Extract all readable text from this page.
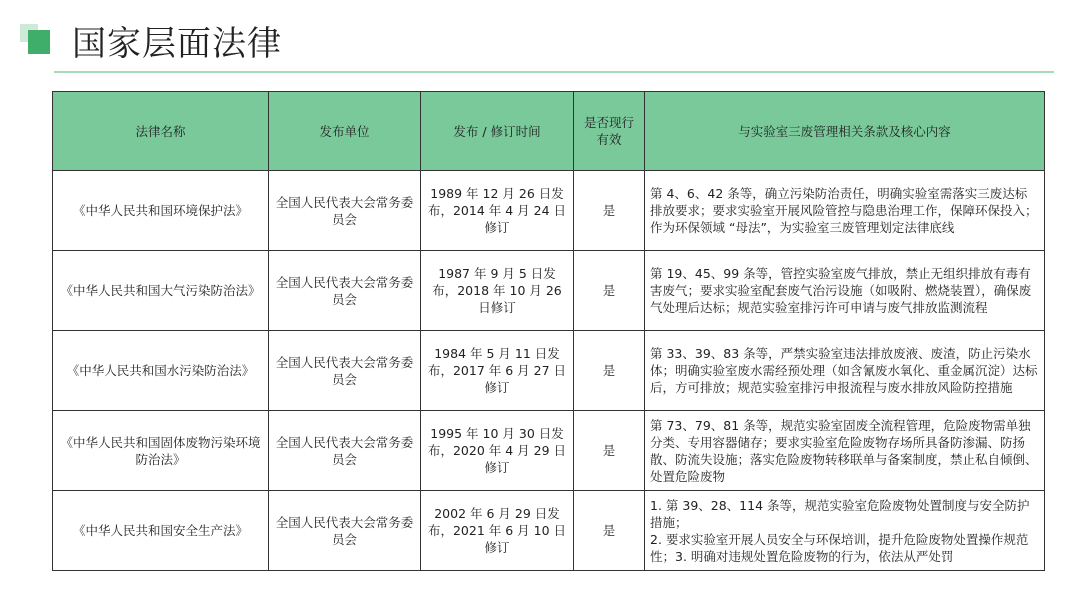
国家层面法律
法律名称	发布单位	发布 / 修订时间	是否现行有效	与实验室三废管理相关条款及核心内容
《中华人民共和国环境保护法》	全国人民代表大会常务委员会	1989 年 12 月 26 日发布，2014 年 4 月 24 日修订	是	第 4、6、42 条等，确立污染防治责任，明确实验室需落实三废达标排放要求；要求实验室开展风险管控与隐患治理工作，保障环保投入； 作为环保领域 “母法”，为实验室三废管理划定法律底线
《中华人民共和国大气污染防治法》	全国人民代表大会常务委员会	1987 年 9 月 5 日发布，2018 年 10 月 26 日修订	是	第 19、45、99 条等，管控实验室废气排放，禁止无组织排放有毒有害废气；要求实验室配套废气治污设施（如吸附、燃烧装置），确保废气处理后达标；规范实验室排污许可申请与废气排放监测流程
《中华人民共和国水污染防治法》	全国人民代表大会常务委员会	1984 年 5 月 11 日发布，2017 年 6 月 27 日修订	是	第 33、39、83 条等，严禁实验室违法排放废液、废渣，防止污染水体；明确实验室废水需经预处理（如含氰废水氧化、重金属沉淀）达标后，方可排放；规范实验室排污申报流程与废水排放风险防控措施
《中华人民共和国固体废物污染环境防治法》	全国人民代表大会常务委员会	1995 年 10 月 30 日发布，2020 年 4 月 29 日修订	是	第 73、79、81 条等，规范实验室固废全流程管理，危险废物需单独分类、专用容器储存；要求实验室危险废物存场所具备防渗漏、防扬散、防流失设施；落实危险废物转移联单与备案制度，禁止私自倾倒、处置危险废物
《中华人民共和国安全生产法》	全国人民代表大会常务委员会	2002 年 6 月 29 日发布，2021 年 6 月 10 日修订	是	1. 第 39、28、114 条等，规范实验室危险废物处置制度与安全防护措施；
2. 要求实验室开展人员安全与环保培训，提升危险废物处置操作规范性；3. 明确对违规处置危险废物的行为，依法从严处罚
